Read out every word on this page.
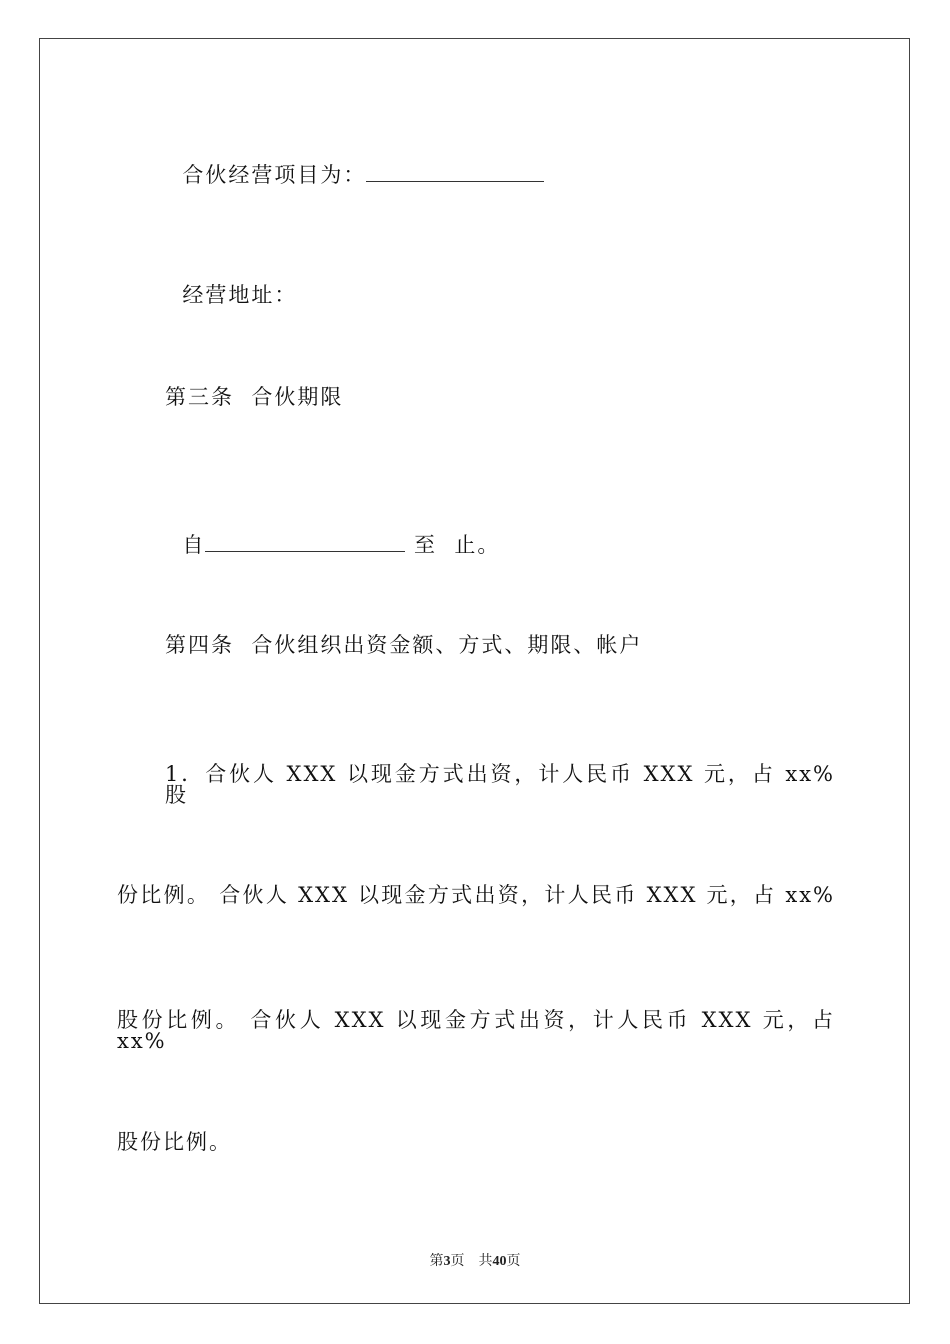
合伙经营项目为：

经营地址：

第三条  合伙期限

自	至  止。

第四条  合伙组织出资金额、方式、期限、帐户
1．合伙人 XXX 以现金方式出资，计人民币 XXX 元，占 xx% 股
份比例。 合伙人 XXX 以现金方式出资，计人民币 XXX 元，占 xx%
股份比例。 合伙人 XXX 以现金方式出资，计人民币 XXX 元，占 xx%
股份比例。
第3页 共40页
